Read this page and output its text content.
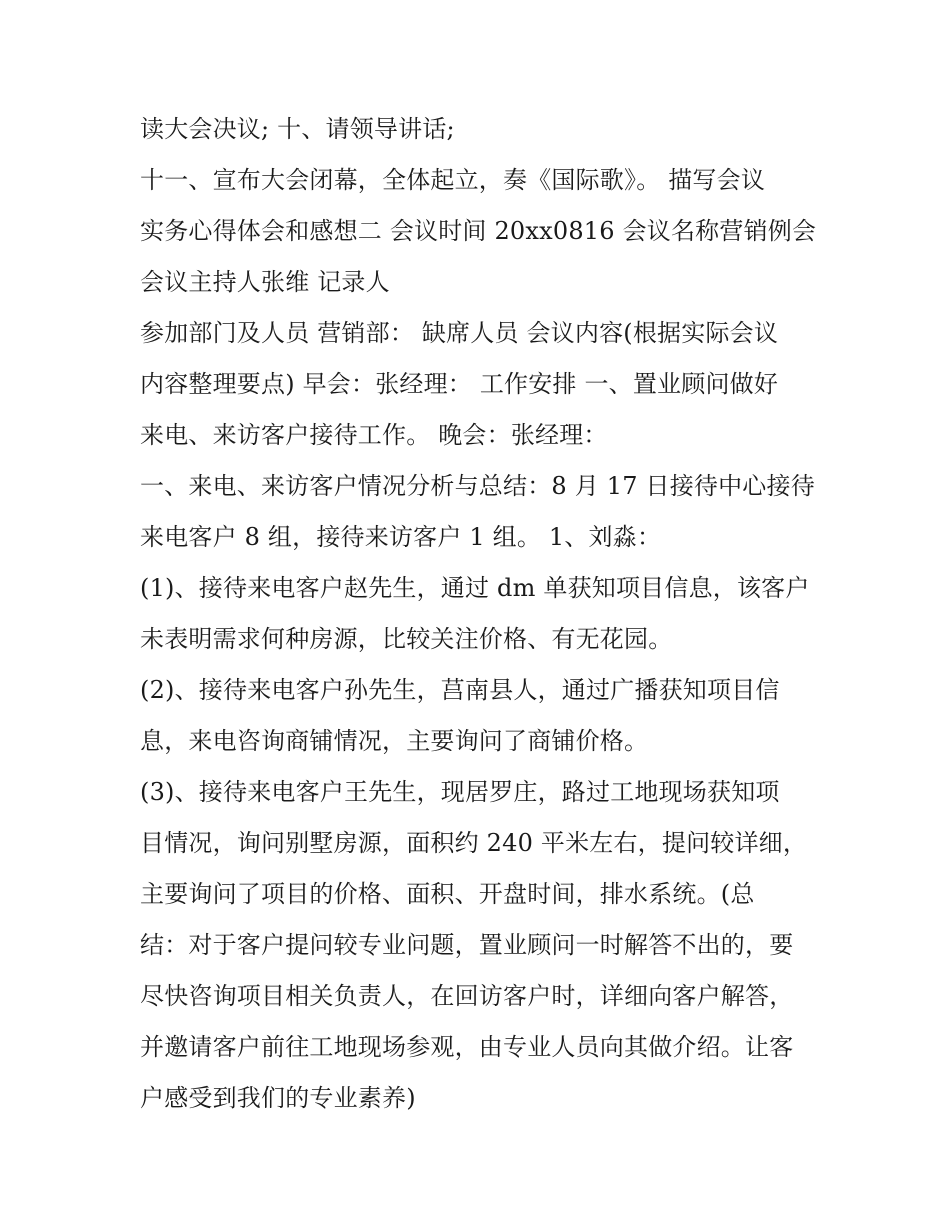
读大会决议; 十、请领导讲话;
十一、宣布大会闭幕，全体起立，奏《国际歌》。 描写会议
实务心得体会和感想二 会议时间 20xx0816 会议名称营销例会
会议主持人张维 记录人
参加部门及人员 营销部： 缺席人员 会议内容(根据实际会议
内容整理要点) 早会：张经理： 工作安排 一、置业顾问做好
来电、来访客户接待工作。 晚会：张经理：
一、来电、来访客户情况分析与总结：8 月 17 日接待中心接待
来电客户 8 组，接待来访客户 1 组。 1、刘淼：
(1)、接待来电客户赵先生，通过 dm 单获知项目信息，该客户
未表明需求何种房源，比较关注价格、有无花园。
(2)、接待来电客户孙先生，莒南县人，通过广播获知项目信
息，来电咨询商铺情况，主要询问了商铺价格。
(3)、接待来电客户王先生，现居罗庄，路过工地现场获知项
目情况，询问别墅房源，面积约 240 平米左右，提问较详细，
主要询问了项目的价格、面积、开盘时间，排水系统。(总
结：对于客户提问较专业问题，置业顾问一时解答不出的，要
尽快咨询项目相关负责人，在回访客户时，详细向客户解答，
并邀请客户前往工地现场参观，由专业人员向其做介绍。让客
户感受到我们的专业素养)
